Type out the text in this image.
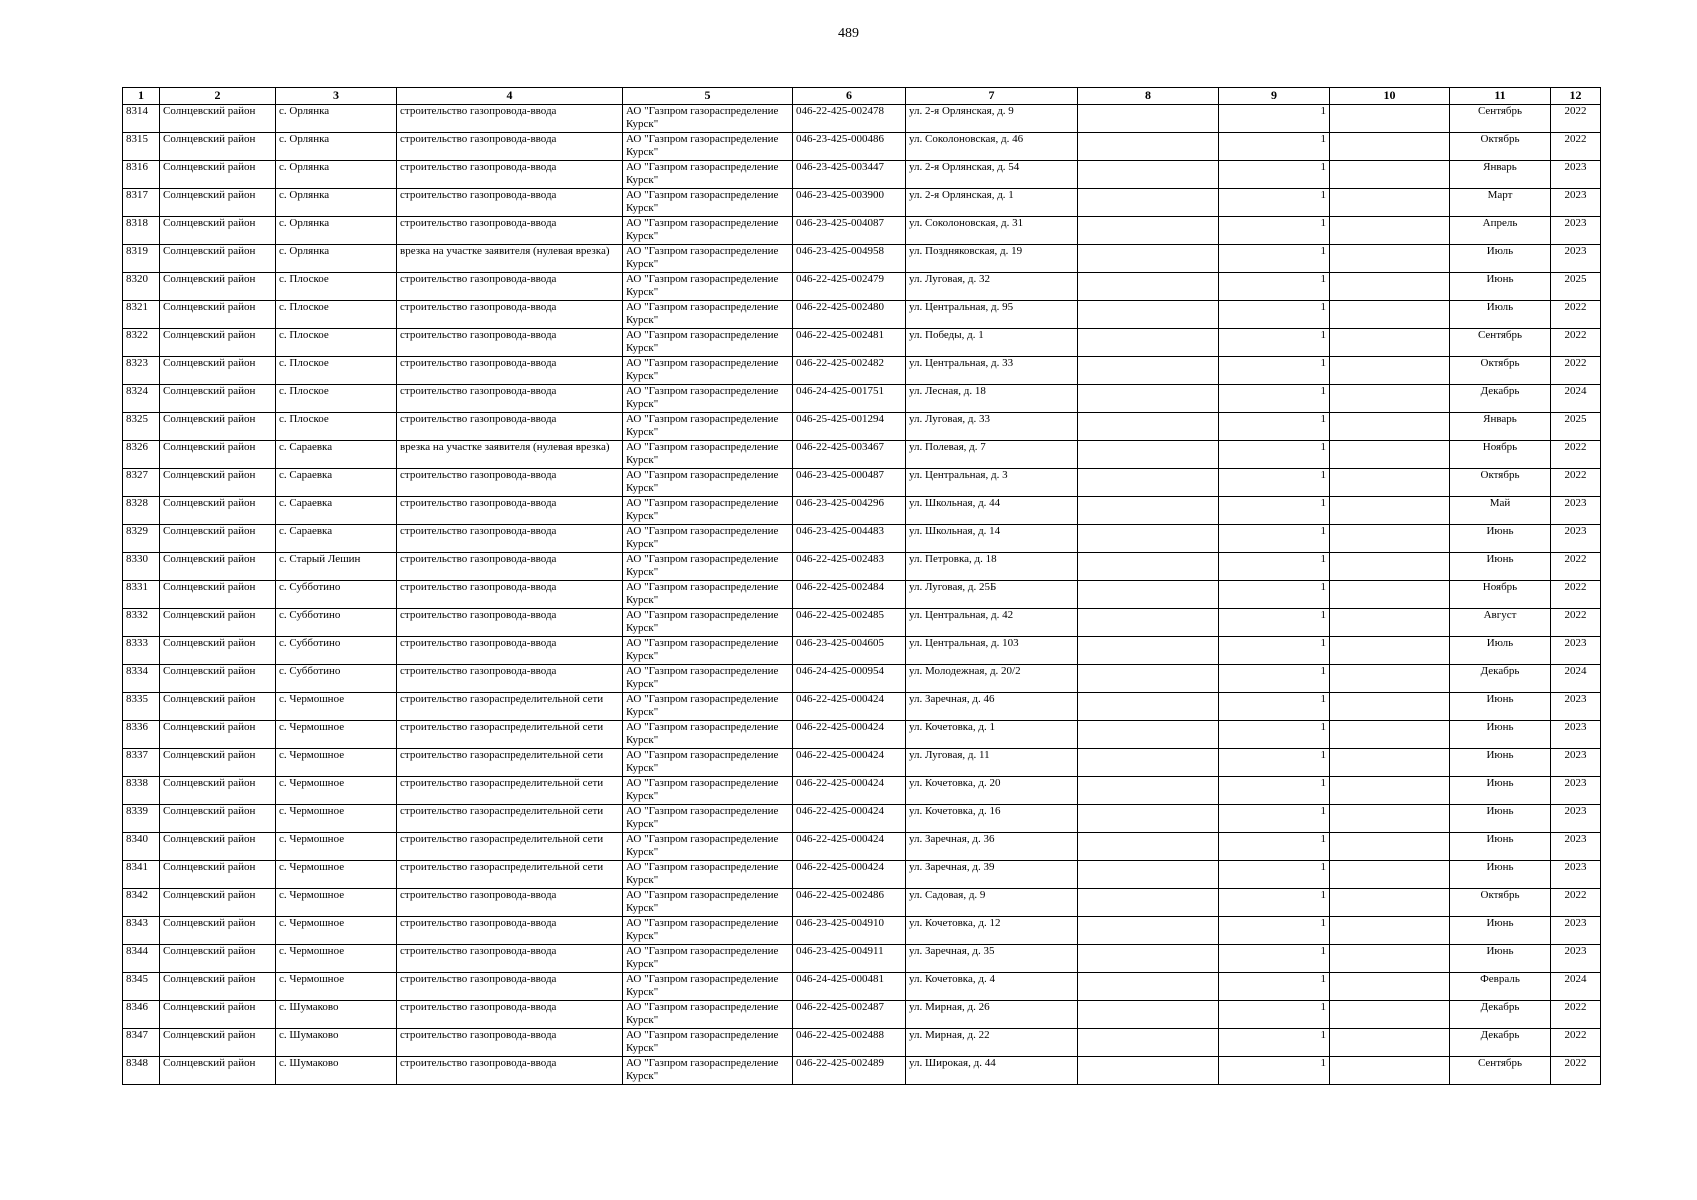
489
1	2	3	4	5	6	7	8	9	10	11	12
8314	Солнцевский район	с. Орлянка	строительство газопровода-ввода	АО "Газпром газораспределение Курск"	046-22-425-002478	ул. 2-я Орлянская, д. 9		1		Сентябрь	2022
8315	Солнцевский район	с. Орлянка	строительство газопровода-ввода	АО "Газпром газораспределение Курск"	046-23-425-000486	ул. Соколоновская, д. 46		1		Октябрь	2022
8316	Солнцевский район	с. Орлянка	строительство газопровода-ввода	АО "Газпром газораспределение Курск"	046-23-425-003447	ул. 2-я Орлянская, д. 54		1		Январь	2023
8317	Солнцевский район	с. Орлянка	строительство газопровода-ввода	АО "Газпром газораспределение Курск"	046-23-425-003900	ул. 2-я Орлянская, д. 1		1		Март	2023
8318	Солнцевский район	с. Орлянка	строительство газопровода-ввода	АО "Газпром газораспределение Курск"	046-23-425-004087	ул. Соколоновская, д. 31		1		Апрель	2023
8319	Солнцевский район	с. Орлянка	врезка на участке заявителя (нулевая врезка)	АО "Газпром газораспределение Курск"	046-23-425-004958	ул. Поздняковская, д. 19		1		Июль	2023
8320	Солнцевский район	с. Плоское	строительство газопровода-ввода	АО "Газпром газораспределение Курск"	046-22-425-002479	ул. Луговая, д. 32		1		Июнь	2025
8321	Солнцевский район	с. Плоское	строительство газопровода-ввода	АО "Газпром газораспределение Курск"	046-22-425-002480	ул. Центральная, д. 95		1		Июль	2022
8322	Солнцевский район	с. Плоское	строительство газопровода-ввода	АО "Газпром газораспределение Курск"	046-22-425-002481	ул. Победы, д. 1		1		Сентябрь	2022
8323	Солнцевский район	с. Плоское	строительство газопровода-ввода	АО "Газпром газораспределение Курск"	046-22-425-002482	ул. Центральная, д. 33		1		Октябрь	2022
8324	Солнцевский район	с. Плоское	строительство газопровода-ввода	АО "Газпром газораспределение Курск"	046-24-425-001751	ул. Лесная, д. 18		1		Декабрь	2024
8325	Солнцевский район	с. Плоское	строительство газопровода-ввода	АО "Газпром газораспределение Курск"	046-25-425-001294	ул. Луговая, д. 33		1		Январь	2025
8326	Солнцевский район	с. Сараевка	врезка на участке заявителя (нулевая врезка)	АО "Газпром газораспределение Курск"	046-22-425-003467	ул. Полевая, д. 7		1		Ноябрь	2022
8327	Солнцевский район	с. Сараевка	строительство газопровода-ввода	АО "Газпром газораспределение Курск"	046-23-425-000487	ул. Центральная, д. 3		1		Октябрь	2022
8328	Солнцевский район	с. Сараевка	строительство газопровода-ввода	АО "Газпром газораспределение Курск"	046-23-425-004296	ул. Школьная, д. 44		1		Май	2023
8329	Солнцевский район	с. Сараевка	строительство газопровода-ввода	АО "Газпром газораспределение Курск"	046-23-425-004483	ул. Школьная, д. 14		1		Июнь	2023
8330	Солнцевский район	с. Старый Лешин	строительство газопровода-ввода	АО "Газпром газораспределение Курск"	046-22-425-002483	ул. Петровка, д. 18		1		Июнь	2022
8331	Солнцевский район	с. Субботино	строительство газопровода-ввода	АО "Газпром газораспределение Курск"	046-22-425-002484	ул. Луговая, д. 25Б		1		Ноябрь	2022
8332	Солнцевский район	с. Субботино	строительство газопровода-ввода	АО "Газпром газораспределение Курск"	046-22-425-002485	ул. Центральная, д. 42		1		Август	2022
8333	Солнцевский район	с. Субботино	строительство газопровода-ввода	АО "Газпром газораспределение Курск"	046-23-425-004605	ул. Центральная, д. 103		1		Июль	2023
8334	Солнцевский район	с. Субботино	строительство газопровода-ввода	АО "Газпром газораспределение Курск"	046-24-425-000954	ул. Молодежная, д. 20/2		1		Декабрь	2024
8335	Солнцевский район	с. Чермошное	строительство газораспределительной сети	АО "Газпром газораспределение Курск"	046-22-425-000424	ул. Заречная, д. 46		1		Июнь	2023
8336	Солнцевский район	с. Чермошное	строительство газораспределительной сети	АО "Газпром газораспределение Курск"	046-22-425-000424	ул. Кочетовка, д. 1		1		Июнь	2023
8337	Солнцевский район	с. Чермошное	строительство газораспределительной сети	АО "Газпром газораспределение Курск"	046-22-425-000424	ул. Луговая, д. 11		1		Июнь	2023
8338	Солнцевский район	с. Чермошное	строительство газораспределительной сети	АО "Газпром газораспределение Курск"	046-22-425-000424	ул. Кочетовка, д. 20		1		Июнь	2023
8339	Солнцевский район	с. Чермошное	строительство газораспределительной сети	АО "Газпром газораспределение Курск"	046-22-425-000424	ул. Кочетовка, д. 16		1		Июнь	2023
8340	Солнцевский район	с. Чермошное	строительство газораспределительной сети	АО "Газпром газораспределение Курск"	046-22-425-000424	ул. Заречная, д. 36		1		Июнь	2023
8341	Солнцевский район	с. Чермошное	строительство газораспределительной сети	АО "Газпром газораспределение Курск"	046-22-425-000424	ул. Заречная, д. 39		1		Июнь	2023
8342	Солнцевский район	с. Чермошное	строительство газопровода-ввода	АО "Газпром газораспределение Курск"	046-22-425-002486	ул. Садовая, д. 9		1		Октябрь	2022
8343	Солнцевский район	с. Чермошное	строительство газопровода-ввода	АО "Газпром газораспределение Курск"	046-23-425-004910	ул. Кочетовка, д. 12		1		Июнь	2023
8344	Солнцевский район	с. Чермошное	строительство газопровода-ввода	АО "Газпром газораспределение Курск"	046-23-425-004911	ул. Заречная, д. 35		1		Июнь	2023
8345	Солнцевский район	с. Чермошное	строительство газопровода-ввода	АО "Газпром газораспределение Курск"	046-24-425-000481	ул. Кочетовка, д. 4		1		Февраль	2024
8346	Солнцевский район	с. Шумаково	строительство газопровода-ввода	АО "Газпром газораспределение Курск"	046-22-425-002487	ул. Мирная, д. 26		1		Декабрь	2022
8347	Солнцевский район	с. Шумаково	строительство газопровода-ввода	АО "Газпром газораспределение Курск"	046-22-425-002488	ул. Мирная, д. 22		1		Декабрь	2022
8348	Солнцевский район	с. Шумаково	строительство газопровода-ввода	АО "Газпром газораспределение Курск"	046-22-425-002489	ул. Широкая, д. 44		1		Сентябрь	2022
